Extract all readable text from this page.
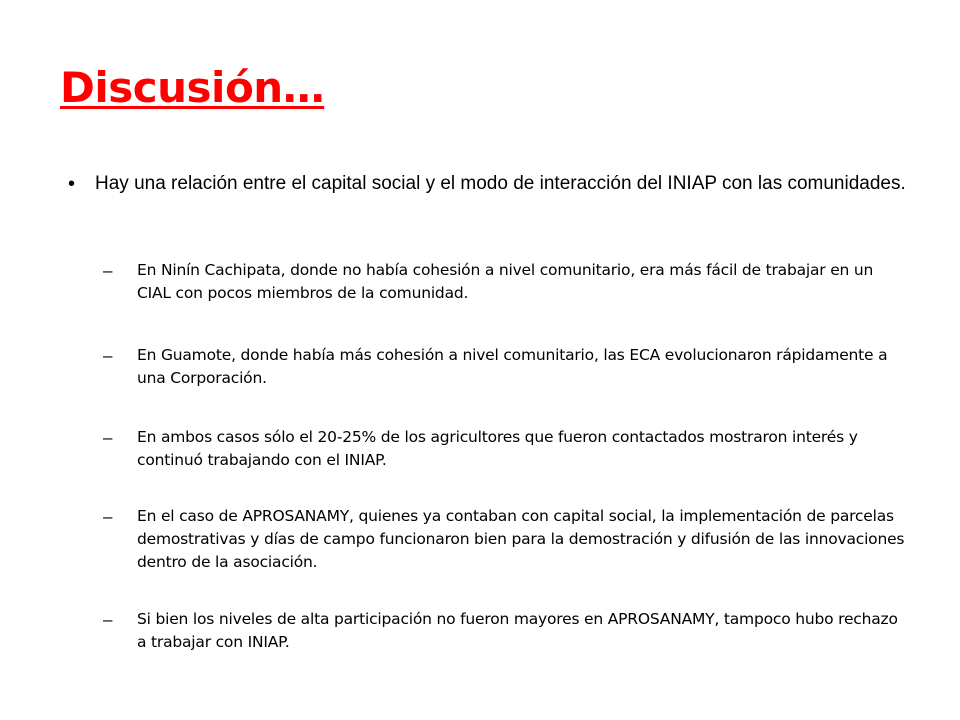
Discusión…
• Hay una relación entre el capital social y el modo de interacción del INIAP con las comunidades.
– En Ninín Cachipata, donde no había cohesión a nivel comunitario, era más fácil de trabajar en un CIAL con pocos miembros de la comunidad.
– En Guamote, donde había más cohesión a nivel comunitario, las ECA evolucionaron rápidamente a una Corporación.
– En ambos casos sólo el 20-25% de los agricultores que fueron contactados mostraron interés y continuó trabajando con el INIAP.
– En el caso de APROSANAMY, quienes ya contaban con capital social, la implementación de parcelas demostrativas y días de campo funcionaron bien para la demostración y difusión de las innovaciones dentro de la asociación.
– Si bien los niveles de alta participación no fueron mayores en APROSANAMY, tampoco hubo rechazo a trabajar con INIAP.
